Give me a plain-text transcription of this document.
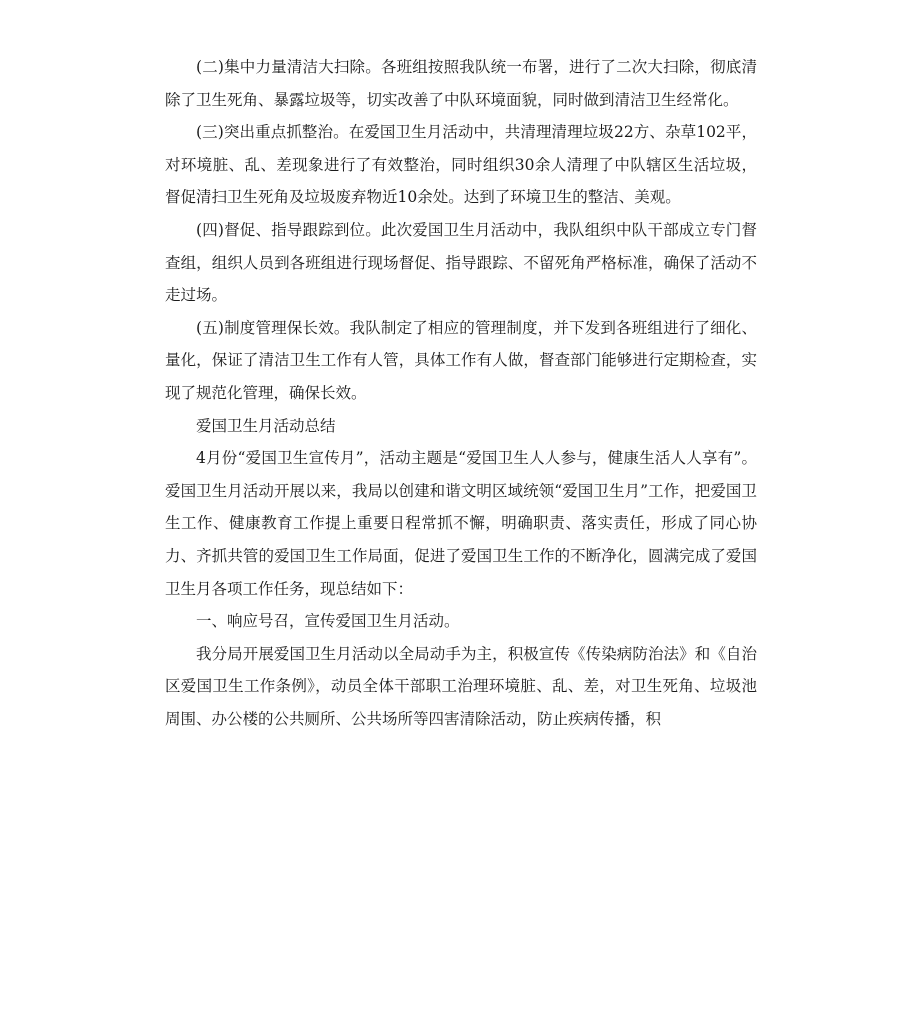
(二)集中力量清洁大扫除。各班组按照我队统一布署，进行了二次大扫除，彻底清除了卫生死角、暴露垃圾等，切实改善了中队环境面貌，同时做到清洁卫生经常化。

(三)突出重点抓整治。在爱国卫生月活动中，共清理清理垃圾22方、杂草102平，对环境脏、乱、差现象进行了有效整治，同时组织30余人清理了中队辖区生活垃圾，督促清扫卫生死角及垃圾废弃物近10余处。达到了环境卫生的整洁、美观。

(四)督促、指导跟踪到位。此次爱国卫生月活动中，我队组织中队干部成立专门督查组，组织人员到各班组进行现场督促、指导跟踪、不留死角严格标准，确保了活动不走过场。

(五)制度管理保长效。我队制定了相应的管理制度，并下发到各班组进行了细化、量化，保证了清洁卫生工作有人管，具体工作有人做，督查部门能够进行定期检查，实现了规范化管理，确保长效。

爱国卫生月活动总结

4月份“爱国卫生宣传月”，活动主题是“爱国卫生人人参与，健康生活人人享有”。爱国卫生月活动开展以来，我局以创建和谐文明区域统领“爱国卫生月”工作，把爱国卫生工作、健康教育工作提上重要日程常抓不懈，明确职责、落实责任，形成了同心协力、齐抓共管的爱国卫生工作局面，促进了爱国卫生工作的不断净化，圆满完成了爱国卫生月各项工作任务，现总结如下：

一、响应号召，宣传爱国卫生月活动。

我分局开展爱国卫生月活动以全局动手为主，积极宣传《传染病防治法》和《自治区爱国卫生工作条例》，动员全体干部职工治理环境脏、乱、差，对卫生死角、垃圾池周围、办公楼的公共厕所、公共场所等四害清除活动，防止疾病传播，积
